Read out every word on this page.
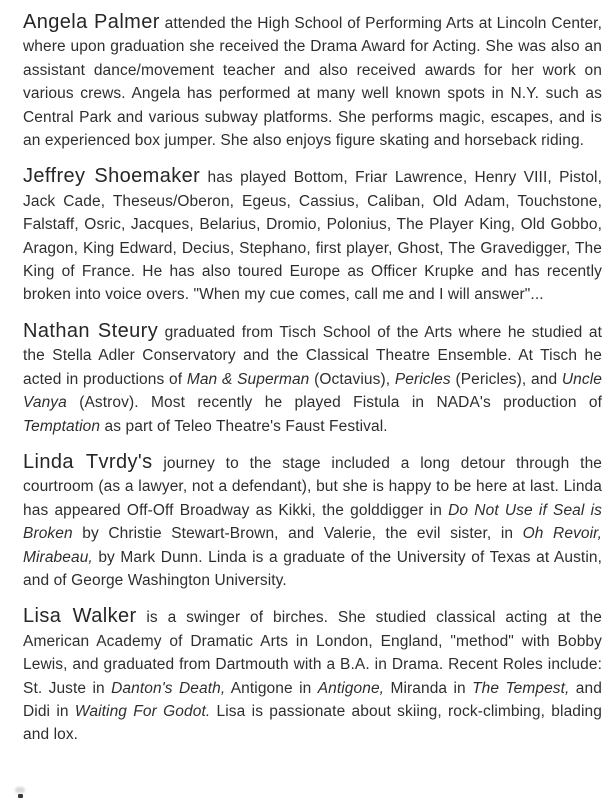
Angela Palmer attended the High School of Performing Arts at Lincoln Center, where upon graduation she received the Drama Award for Acting. She was also an assistant dance/movement teacher and also received awards for her work on various crews. Angela has performed at many well known spots in N.Y. such as Central Park and various subway platforms. She performs magic, escapes, and is an experienced box jumper. She also enjoys figure skating and horseback riding.

Jeffrey Shoemaker has played Bottom, Friar Lawrence, Henry VIII, Pistol, Jack Cade, Theseus/Oberon, Egeus, Cassius, Caliban, Old Adam, Touchstone, Falstaff, Osric, Jacques, Belarius, Dromio, Polonius, The Player King, Old Gobbo, Aragon, King Edward, Decius, Stephano, first player, Ghost, The Gravedigger, The King of France. He has also toured Europe as Officer Krupke and has recently broken into voice overs. "When my cue comes, call me and I will answer"...

Nathan Steury graduated from Tisch School of the Arts where he studied at the Stella Adler Conservatory and the Classical Theatre Ensemble. At Tisch he acted in productions of Man & Superman (Octavius), Pericles (Pericles), and Uncle Vanya (Astrov). Most recently he played Fistula in NADA's production of Temptation as part of Teleo Theatre's Faust Festival.

Linda Tvrdy's journey to the stage included a long detour through the courtroom (as a lawyer, not a defendant), but she is happy to be here at last. Linda has appeared Off-Off Broadway as Kikki, the golddigger in Do Not Use if Seal is Broken by Christie Stewart-Brown, and Valerie, the evil sister, in Oh Revoir, Mirabeau, by Mark Dunn. Linda is a graduate of the University of Texas at Austin, and of George Washington University.

Lisa Walker is a swinger of birches. She studied classical acting at the American Academy of Dramatic Arts in London, England, "method" with Bobby Lewis, and graduated from Dartmouth with a B.A. in Drama. Recent Roles include: St. Juste in Danton's Death, Antigone in Antigone, Miranda in The Tempest, and Didi in Waiting For Godot. Lisa is passionate about skiing, rock-climbing, blading and lox.
